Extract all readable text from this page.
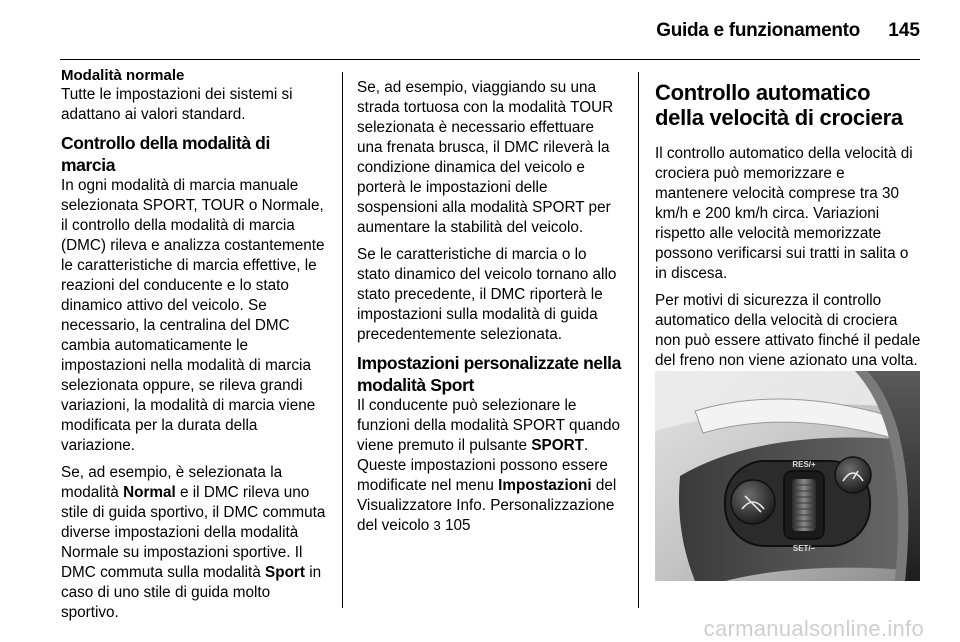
Guida e funzionamento	145
Modalità normale

Tutte le impostazioni dei sistemi si adattano ai valori standard.

Controllo della modalità di marcia

In ogni modalità di marcia manuale selezionata SPORT, TOUR o Normale, il controllo della modalità di marcia (DMC) rileva e analizza costantemente le caratteristiche di marcia effettive, le reazioni del conducente e lo stato dinamico attivo del veicolo. Se necessario, la centralina del DMC cambia automaticamente le impostazioni nella modalità di marcia selezionata oppure, se rileva grandi variazioni, la modalità di marcia viene modificata per la durata della variazione.

Se, ad esempio, è selezionata la modalità Normal e il DMC rileva uno stile di guida sportivo, il DMC commuta diverse impostazioni della modalità Normale su impostazioni sportive. Il DMC commuta sulla modalità Sport in caso di uno stile di guida molto sportivo.

Se, ad esempio, viaggiando su una strada tortuosa con la modalità TOUR selezionata è necessario effettuare una frenata brusca, il DMC rileverà la condizione dinamica del veicolo e porterà le impostazioni delle sospensioni alla modalità SPORT per aumentare la stabilità del veicolo.

Se le caratteristiche di marcia o lo stato dinamico del veicolo tornano allo stato precedente, il DMC riporterà le impostazioni sulla modalità di guida precedentemente selezionata.

Impostazioni personalizzate nella modalità Sport

Il conducente può selezionare le funzioni della modalità SPORT quando viene premuto il pulsante SPORT. Queste impostazioni possono essere modificate nel menu Impostazioni del Visualizzatore Info. Personalizzazione del veicolo 3 105

Controllo automatico della velocità di crociera

Il controllo automatico della velocità di crociera può memorizzare e mantenere velocità comprese tra 30 km/h e 200 km/h circa. Variazioni rispetto alle velocità memorizzate possono verificarsi sui tratti in salita o in discesa.

Per motivi di sicurezza il controllo automatico della velocità di crociera non può essere attivato finché il pedale del freno non viene azionato una volta.

RES/+
SET/–
carmanualsonline.info
